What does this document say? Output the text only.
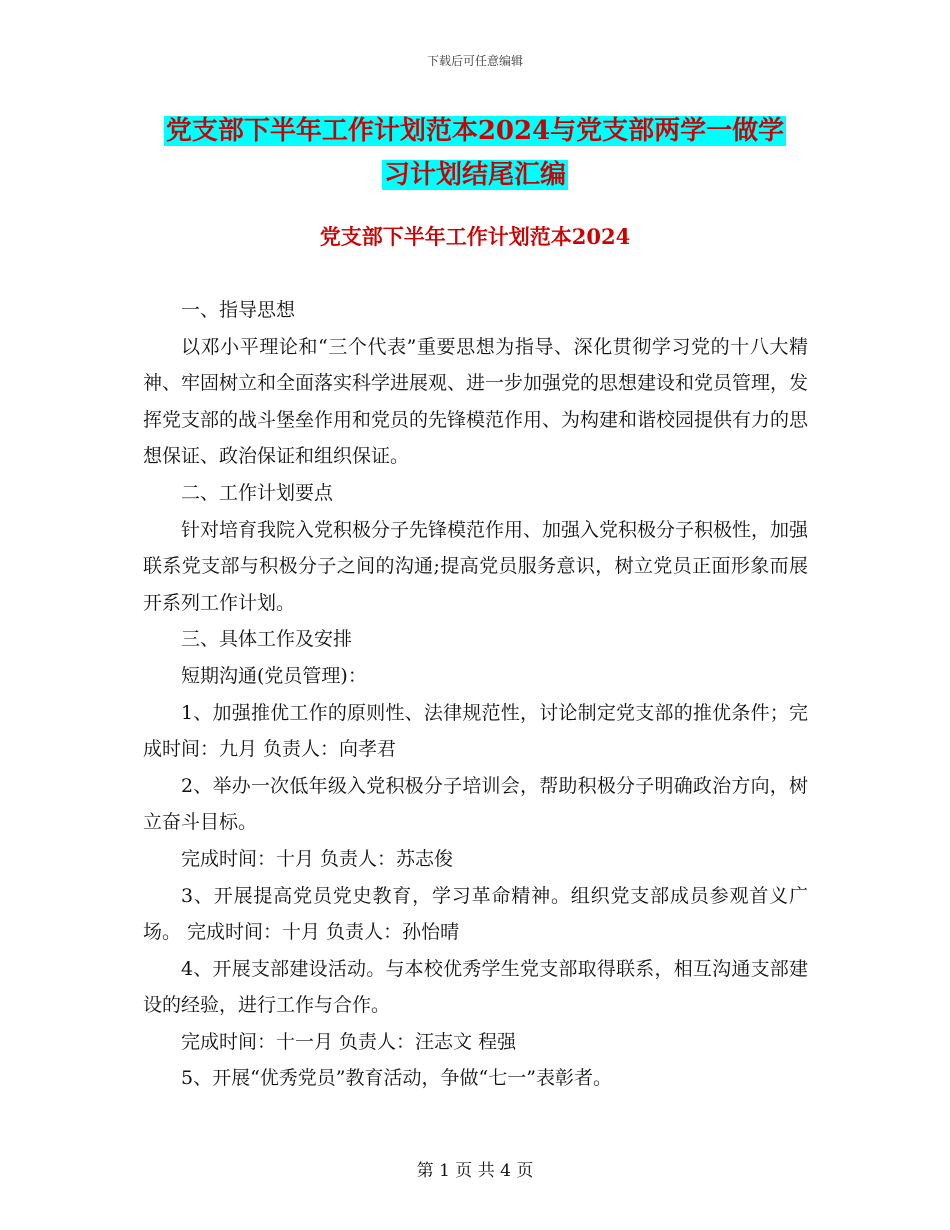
下载后可任意编辑
党支部下半年工作计划范本2024与党支部两学一做学
习计划结尾汇编
党支部下半年工作计划范本2024

一、指导思想

以邓小平理论和“三个代表”重要思想为指导、深化贯彻学习党的十八大精神、牢固树立和全面落实科学进展观、进一步加强党的思想建设和党员管理，发挥党支部的战斗堡垒作用和党员的先锋模范作用、为构建和谐校园提供有力的思想保证、政治保证和组织保证。

二、工作计划要点

针对培育我院入党积极分子先锋模范作用、加强入党积极分子积极性，加强联系党支部与积极分子之间的沟通;提高党员服务意识，树立党员正面形象而展开系列工作计划。

三、具体工作及安排

短期沟通(党员管理)：

1、加强推优工作的原则性、法律规范性，讨论制定党支部的推优条件；完成时间：九月 负责人：向孝君

2、举办一次低年级入党积极分子培训会，帮助积极分子明确政治方向，树立奋斗目标。

完成时间：十月 负责人：苏志俊

3、开展提高党员党史教育，学习革命精神。组织党支部成员参观首义广场。 完成时间：十月 负责人：孙怡晴

4、开展支部建设活动。与本校优秀学生党支部取得联系，相互沟通支部建设的经验，进行工作与合作。

完成时间：十一月 负责人：汪志文 程强

5、开展“优秀党员”教育活动，争做“七一”表彰者。

第 1 页 共 4 页
